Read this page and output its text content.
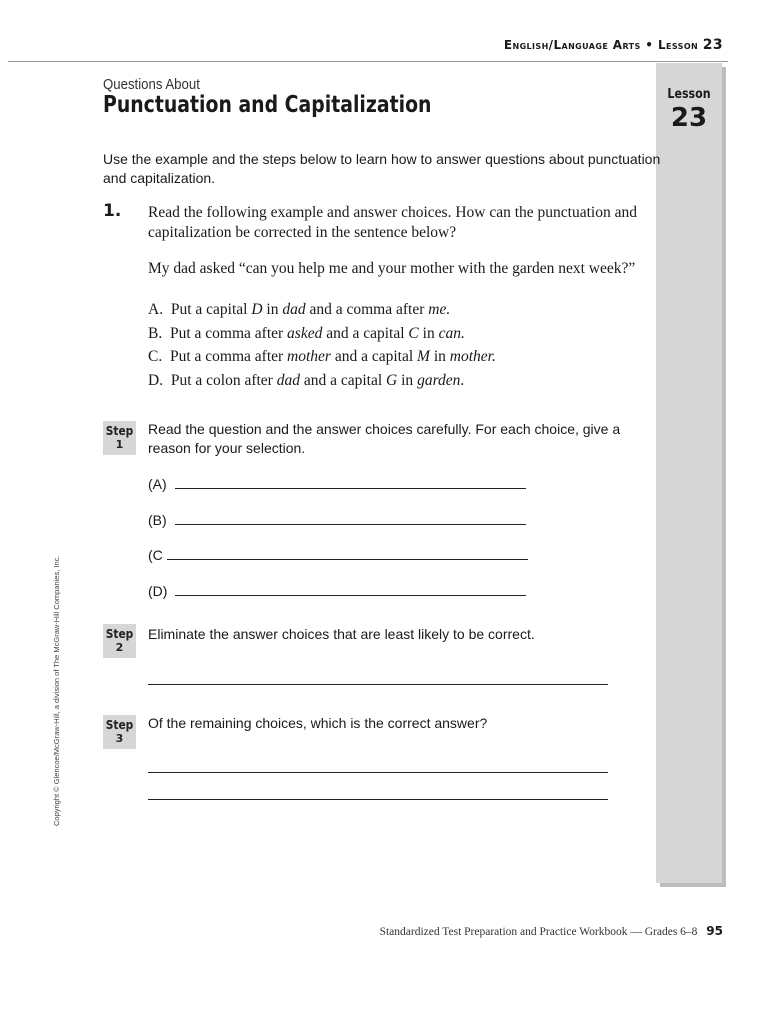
English/Language Arts • Lesson 23
Lesson
23
Questions About
Punctuation and Capitalization
Use the example and the steps below to learn how to answer questions about punctuation and capitalization.
1. Read the following example and answer choices. How can the punctuation and capitalization be corrected in the sentence below?
My dad asked “can you help me and your mother with the garden next week?”
A. Put a capital D in dad and a comma after me.
B. Put a comma after asked and a capital C in can.
C. Put a comma after mother and a capital M in mother.
D. Put a colon after dad and a capital G in garden.
Step
1
Read the question and the answer choices carefully. For each choice, give a reason for your selection.
(A)
(B)
(C
(D)
Step
2
Eliminate the answer choices that are least likely to be correct.
Step
3
Of the remaining choices, which is the correct answer?
Copyright © Glencoe/McGraw-Hill, a division of The McGraw-Hill Companies, Inc.
Standardized Test Preparation and Practice Workbook — Grades 6–8 95
